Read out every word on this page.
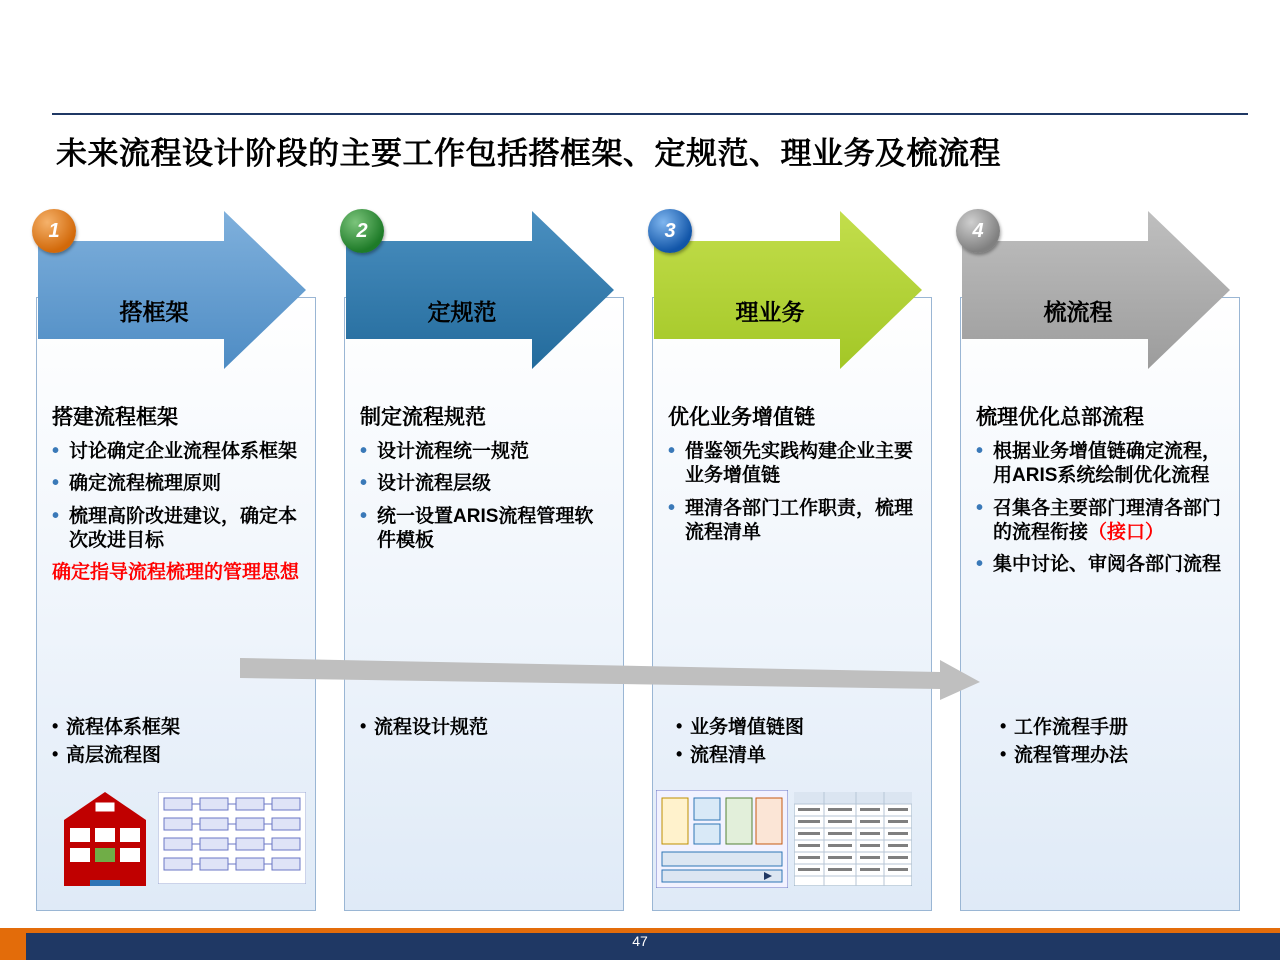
未来流程设计阶段的主要工作包括搭框架、定规范、理业务及梳流程
搭框架	定规范	理业务	梳流程
1	2	3	4
搭建流程框架	制定流程规范	优化业务增值链	梳理优化总部流程
• 讨论确定企业流程体系框架
• 确定流程梳理原则
• 梳理高阶改进建议，确定本次改进目标
确定指导流程梳理的管理思想
• 设计流程统一规范
• 设计流程层级
• 统一设置ARIS流程管理软件模板
• 借鉴领先实践构建企业主要业务增值链
• 理清各部门工作职责，梳理流程清单
• 根据业务增值链确定流程，用ARIS系统绘制优化流程
• 召集各主要部门理清各部门的流程衔接（接口）
• 集中讨论、审阅各部门流程
• 流程体系框架
• 高层流程图
• 流程设计规范	• 业务增值链图
• 流程清单
• 工作流程手册
• 流程管理办法
47
